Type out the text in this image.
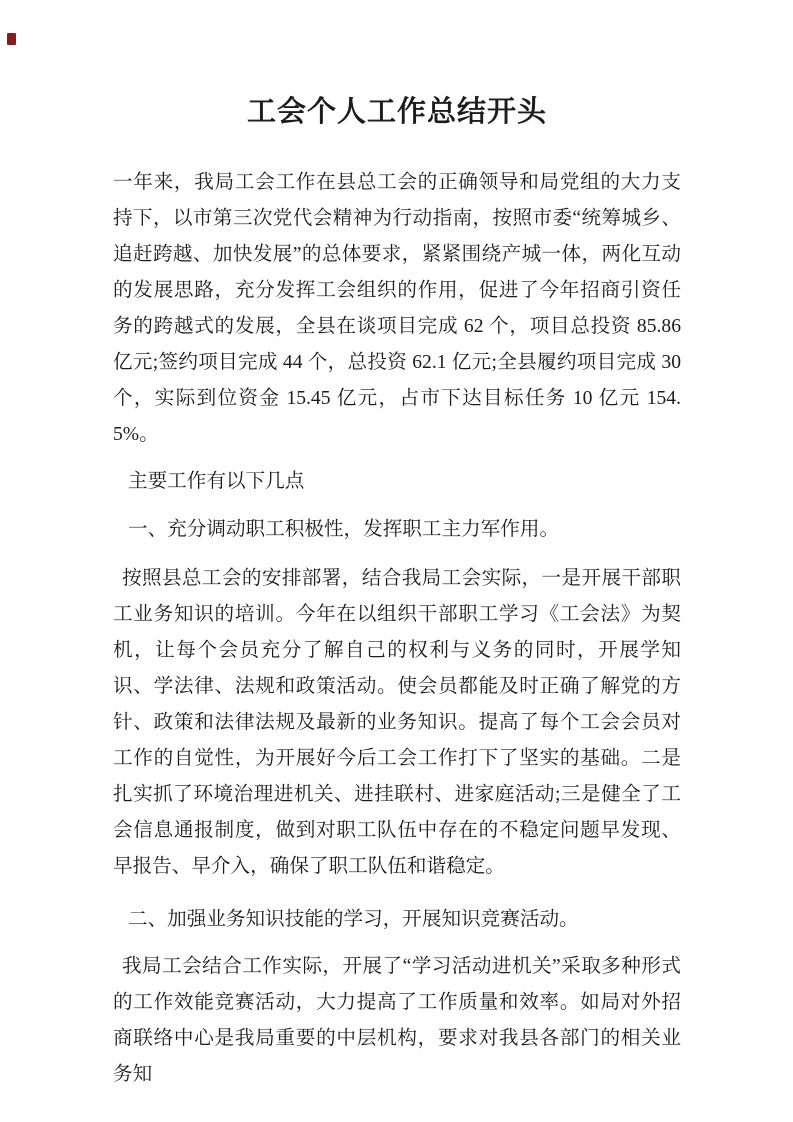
工会个人工作总结开头

一年来，我局工会工作在县总工会的正确领导和局党组的大力支持下，以市第三次党代会精神为行动指南，按照市委“统筹城乡、追赶跨越、加快发展”的总体要求，紧紧围绕产城一体，两化互动的发展思路，充分发挥工会组织的作用，促进了今年招商引资任务的跨越式的发展，全县在谈项目完成 62 个，项目总投资 85.86 亿元;签约项目完成 44 个，总投资 62.1 亿元;全县履约项目完成 30 个，实际到位资金 15.45 亿元，占市下达目标任务 10 亿元 154.5%。

主要工作有以下几点

一、充分调动职工积极性，发挥职工主力军作用。

按照县总工会的安排部署，结合我局工会实际，一是开展干部职工业务知识的培训。今年在以组织干部职工学习《工会法》为契机，让每个会员充分了解自己的权利与义务的同时，开展学知识、学法律、法规和政策活动。使会员都能及时正确了解党的方针、政策和法律法规及最新的业务知识。提高了每个工会会员对工作的自觉性，为开展好今后工会工作打下了坚实的基础。二是扎实抓了环境治理进机关、进挂联村、进家庭活动;三是健全了工会信息通报制度，做到对职工队伍中存在的不稳定问题早发现、早报告、早介入，确保了职工队伍和谐稳定。

二、加强业务知识技能的学习，开展知识竞赛活动。

我局工会结合工作实际，开展了“学习活动进机关”采取多种形式的工作效能竞赛活动，大力提高了工作质量和效率。如局对外招商联络中心是我局重要的中层机构，要求对我县各部门的相关业务知
